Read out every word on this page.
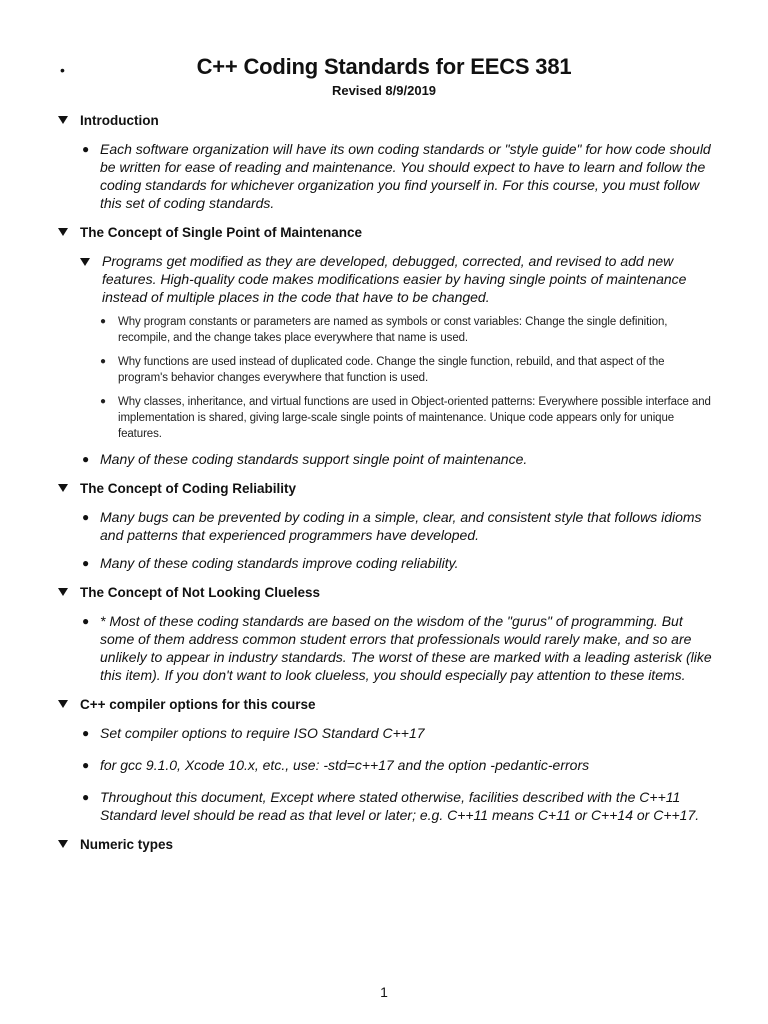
•	C++ Coding Standards for EECS 381
Revised 8/9/2019
Introduction
● Each software organization will have its own coding standards or "style guide" for how code should be written for ease of reading and maintenance. You should expect to have to learn and follow the coding standards for whichever organization you find yourself in. For this course, you must follow this set of coding standards.
The Concept of Single Point of Maintenance
Programs get modified as they are developed, debugged, corrected, and revised to add new features. High-quality code makes modifications easier by having single points of maintenance instead of multiple places in the code that have to be changed.
●	Why program constants or parameters are named as symbols or const variables: Change the single definition, recompile, and the change takes place everywhere that name is used.
●	Why functions are used instead of duplicated code. Change the single function, rebuild, and that aspect of the program's behavior changes everywhere that function is used.
●	Why classes, inheritance, and virtual functions are used in Object-oriented patterns: Everywhere possible interface and implementation is shared, giving large-scale single points of maintenance. Unique code appears only for unique features.
● Many of these coding standards support single point of maintenance.
The Concept of Coding Reliability
● Many bugs can be prevented by coding in a simple, clear, and consistent style that follows idioms and patterns that experienced programmers have developed.
● Many of these coding standards improve coding reliability.
The Concept of Not Looking Clueless
● * Most of these coding standards are based on the wisdom of the "gurus" of programming. But some of them address common student errors that professionals would rarely make, and so are unlikely to appear in industry standards. The worst of these are marked with a leading asterisk (like this item). If you don't want to look clueless, you should especially pay attention to these items.
C++ compiler options for this course
● Set compiler options to require ISO Standard C++17
● for gcc 9.1.0, Xcode 10.x, etc., use: -std=c++17 and the option -pedantic-errors
● Throughout this document, Except where stated otherwise, facilities described with the C++11 Standard level should be read as that level or later; e.g. C++11 means C+11 or C++14 or C++17.
Numeric types
1
